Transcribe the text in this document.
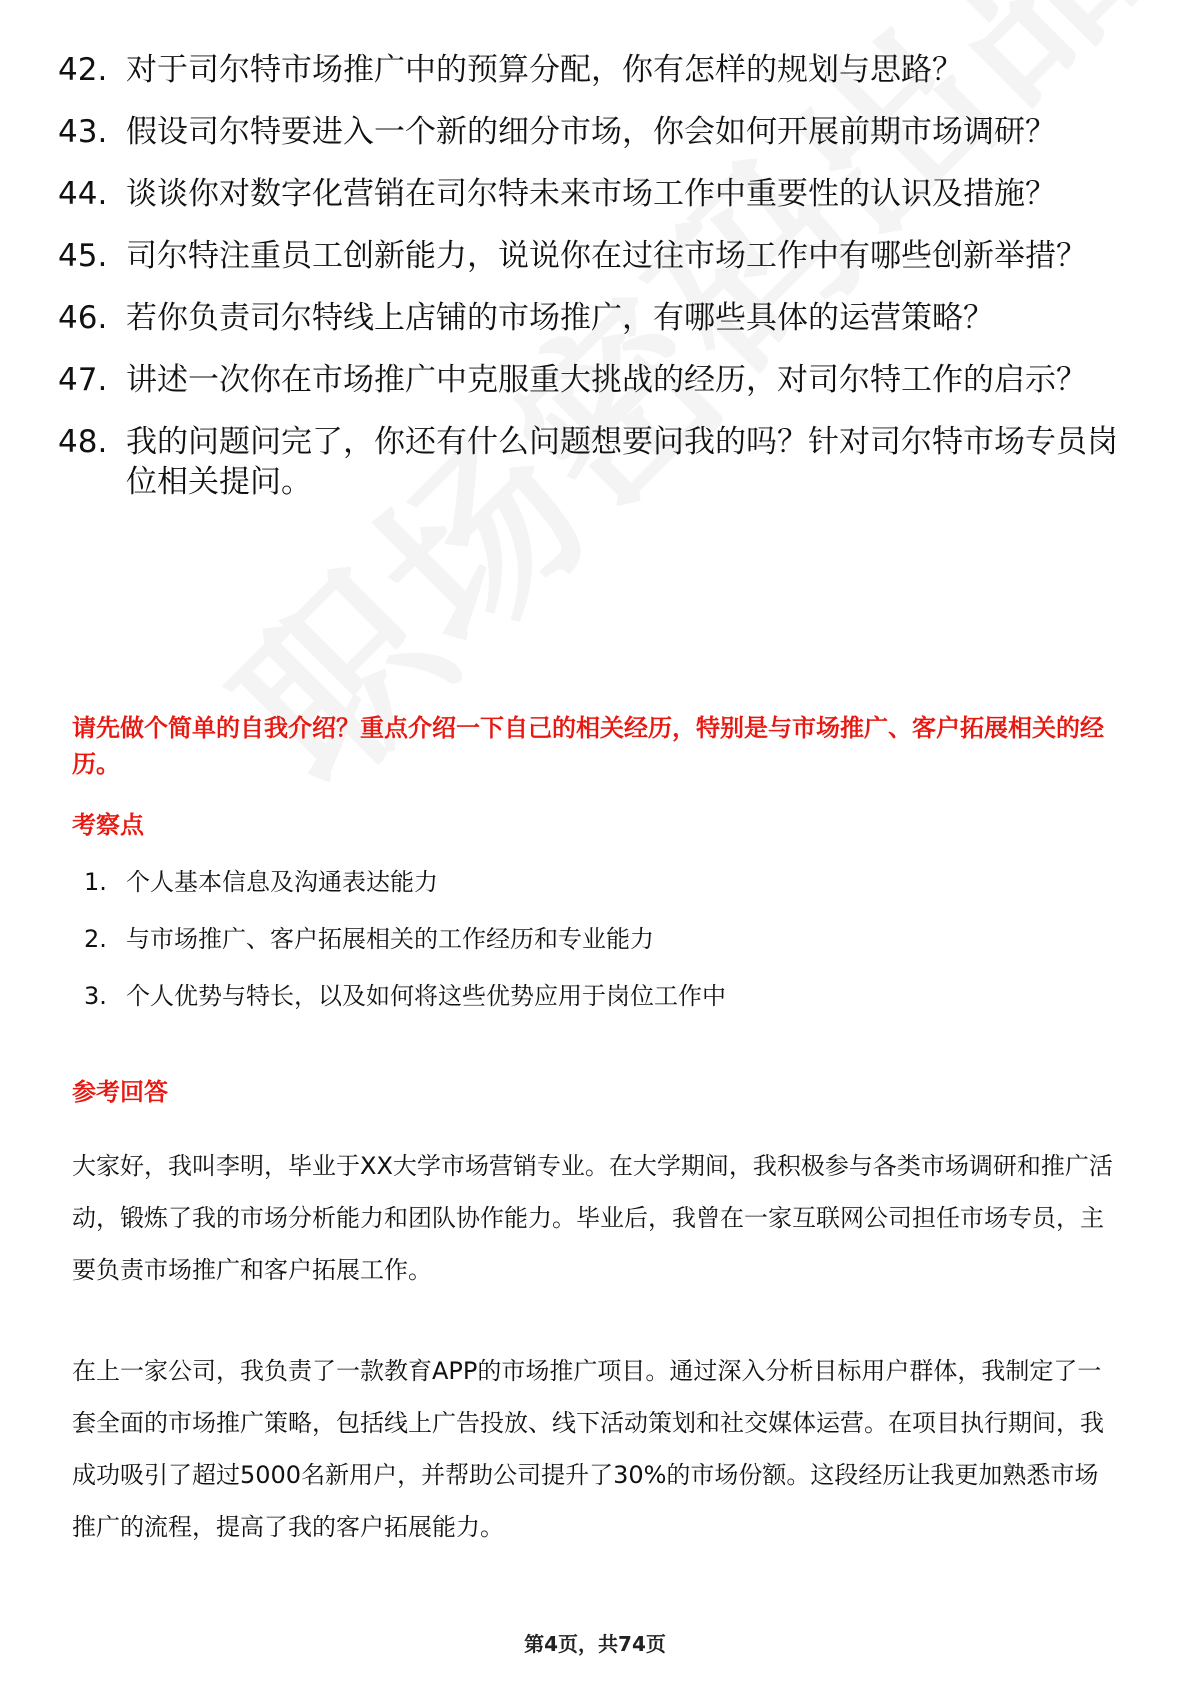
42. 对于司尔特市场推广中的预算分配，你有怎样的规划与思路？
43. 假设司尔特要进入一个新的细分市场，你会如何开展前期市场调研？
44. 谈谈你对数字化营销在司尔特未来市场工作中重要性的认识及措施？
45. 司尔特注重员工创新能力，说说你在过往市场工作中有哪些创新举措？
46. 若你负责司尔特线上店铺的市场推广，有哪些具体的运营策略？
47. 讲述一次你在市场推广中克服重大挑战的经历，对司尔特工作的启示？
48. 我的问题问完了，你还有什么问题想要问我的吗？针对司尔特市场专员岗位相关提问。

请先做个简单的自我介绍？重点介绍一下自己的相关经历，特别是与市场推广、客户拓展相关的经历。

考察点

1. 个人基本信息及沟通表达能力
2. 与市场推广、客户拓展相关的工作经历和专业能力
3. 个人优势与特长，以及如何将这些优势应用于岗位工作中

参考回答

大家好，我叫李明，毕业于XX大学市场营销专业。在大学期间，我积极参与各类市场调研和推广活动，锻炼了我的市场分析能力和团队协作能力。毕业后，我曾在一家互联网公司担任市场专员，主要负责市场推广和客户拓展工作。

在上一家公司，我负责了一款教育APP的市场推广项目。通过深入分析目标用户群体，我制定了一套全面的市场推广策略，包括线上广告投放、线下活动策划和社交媒体运营。在项目执行期间，我成功吸引了超过5000名新用户，并帮助公司提升了30%的市场份额。这段经历让我更加熟悉市场推广的流程，提高了我的客户拓展能力。

第4页，共74页
